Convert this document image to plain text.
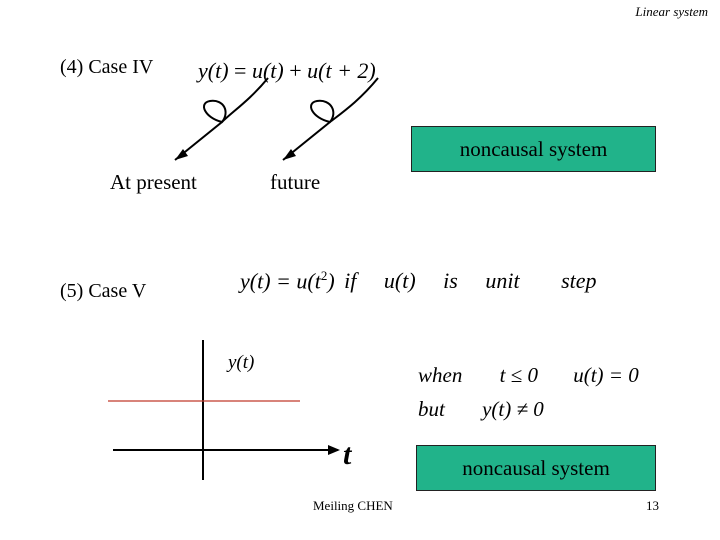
Linear system
(4) Case IV y(t) = u(t) + u(t + 2)
At present	future
noncausal system
(5) Case V	$y(t) = u(t^2)$ if u(t) is unit step
y(t)
t
when t ≤ 0 u(t) = 0
but y(t) ≠ 0
noncausal system
Meiling CHEN	13
